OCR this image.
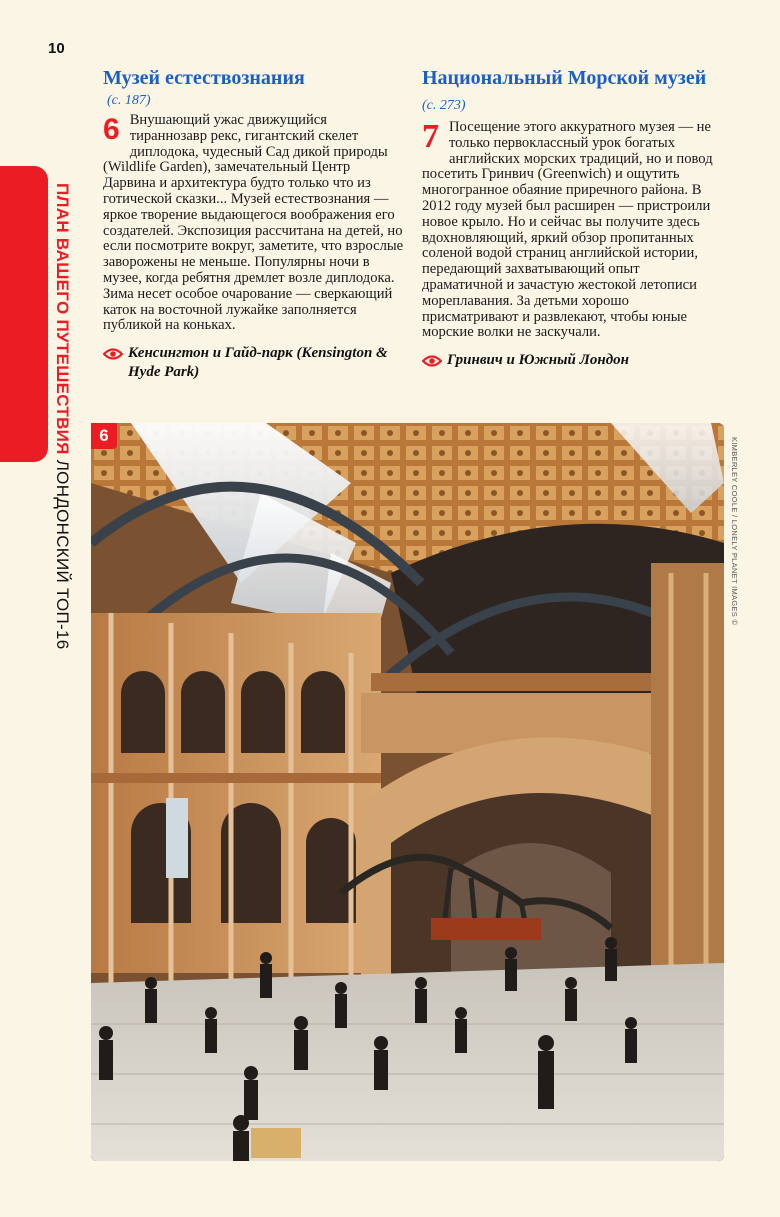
10
ПЛАН ВАШЕГО ПУТЕШЕСТВИЯ ЛОНДОНСКИЙ ТОП-16
Музей естествознания
(с. 187)
6 Внушающий ужас движущийся тираннозавр рекс, гигантский скелет диплодока, чудесный Сад дикой природы (Wildlife Garden), замечательный Центр Дарвина и архитектура будто только что из готической сказки... Музей естествознания — яркое творение выдающегося воображения его создателей. Экспозиция рассчитана на детей, но если посмотрите вокруг, заметите, что взрослые заворожены не меньше. Популярны ночи в музее, когда ребятня дремлет возле диплодока. Зима несет особое очарование — сверкающий каток на восточной лужайке заполняется публикой на коньках.
Кенсингтон и Гайд-парк (Kensington & Hyde Park)
Национальный Морской музей (с. 273)
7 Посещение этого аккуратного музея — не только первоклассный урок богатых английских морских традиций, но и повод посетить Гринвич (Greenwich) и ощутить многогранное обаяние приречного района. В 2012 году музей был расширен — пристроили новое крыло. Но и сейчас вы получите здесь вдохновляющий, яркий обзор пропитанных соленой водой страниц английской истории, передающий захватывающий опыт драматичной и зачастую жестокой летописи мореплавания. За детьми хорошо присматривают и развлекают, чтобы юные морские волки не заскучали.
Гринвич и Южный Лондон
6
KIMBERLEY COOLE / LONELY PLANET IMAGES ©
